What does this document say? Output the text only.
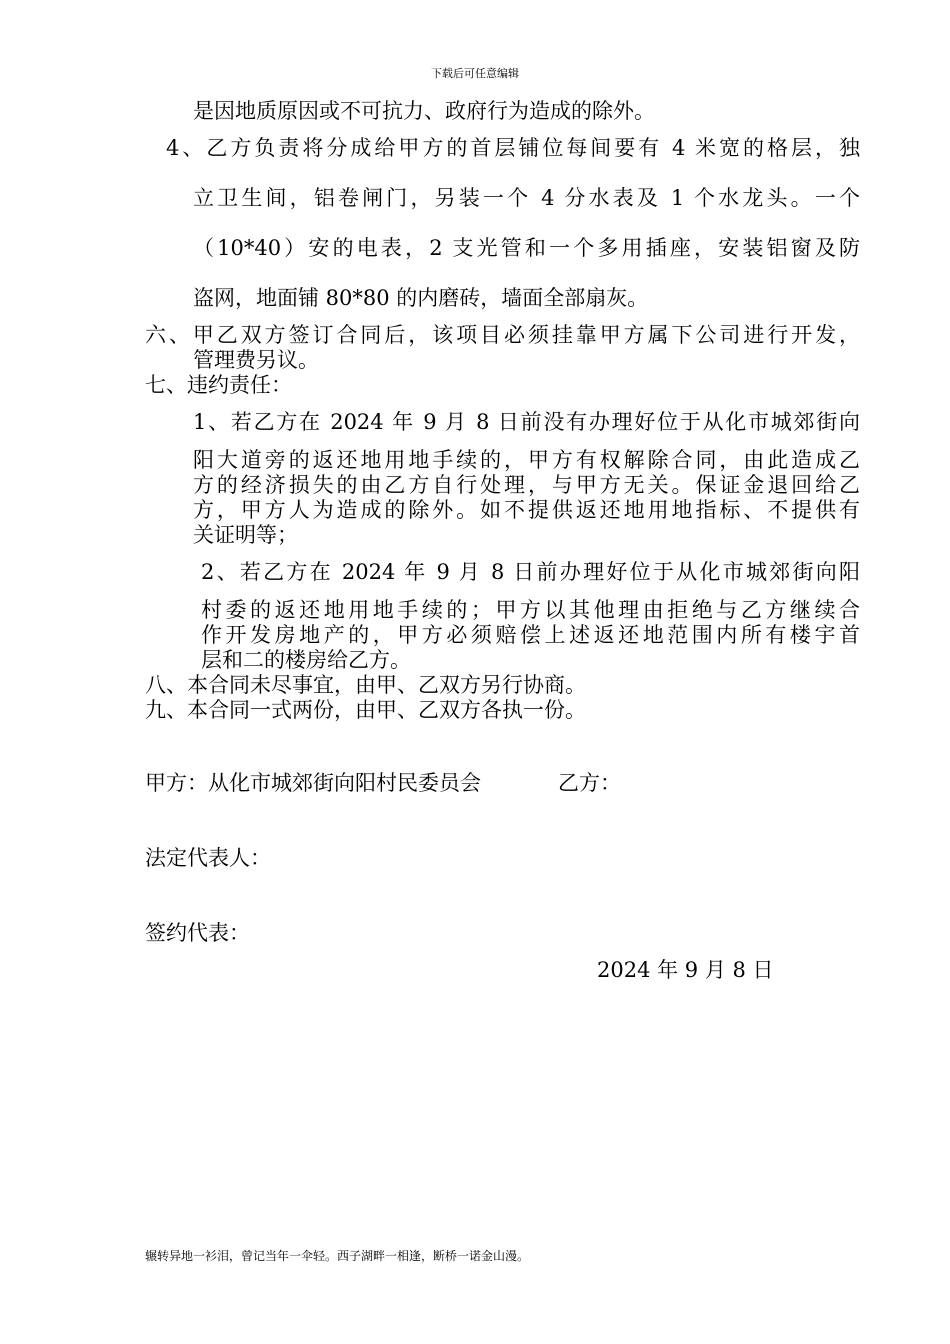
下载后可任意编辑
是因地质原因或不可抗力、政府行为造成的除外。
4、乙方负责将分成给甲方的首层铺位每间要有 4 米宽的格层，独
立卫生间，铝卷闸门，另装一个 4 分水表及 1 个水龙头。一个
（10*40）安的电表，2 支光管和一个多用插座，安装铝窗及防
盗网，地面铺 80*80 的内磨砖，墙面全部扇灰。
六、甲乙双方签订合同后，该项目必须挂靠甲方属下公司进行开发，
管理费另议。
七、违约责任：
1、若乙方在 2024 年 9 月 8 日前没有办理好位于从化市城郊街向
阳大道旁的返还地用地手续的，甲方有权解除合同，由此造成乙
方的经济损失的由乙方自行处理，与甲方无关。保证金退回给乙
方，甲方人为造成的除外。如不提供返还地用地指标、不提供有
关证明等；
2、若乙方在 2024 年 9 月 8 日前办理好位于从化市城郊街向阳
村委的返还地用地手续的；甲方以其他理由拒绝与乙方继续合
作开发房地产的，甲方必须赔偿上述返还地范围内所有楼宇首
层和二的楼房给乙方。
八、本合同未尽事宜，由甲、乙双方另行协商。
九、本合同一式两份，由甲、乙双方各执一份。
甲方：从化市城郊街向阳村民委员会	乙方：
法定代表人：
签约代表：
2024 年 9 月 8 日
辗转异地一衫泪，曾记当年一伞轻。西子湖畔一相逢，断桥一诺金山漫。
